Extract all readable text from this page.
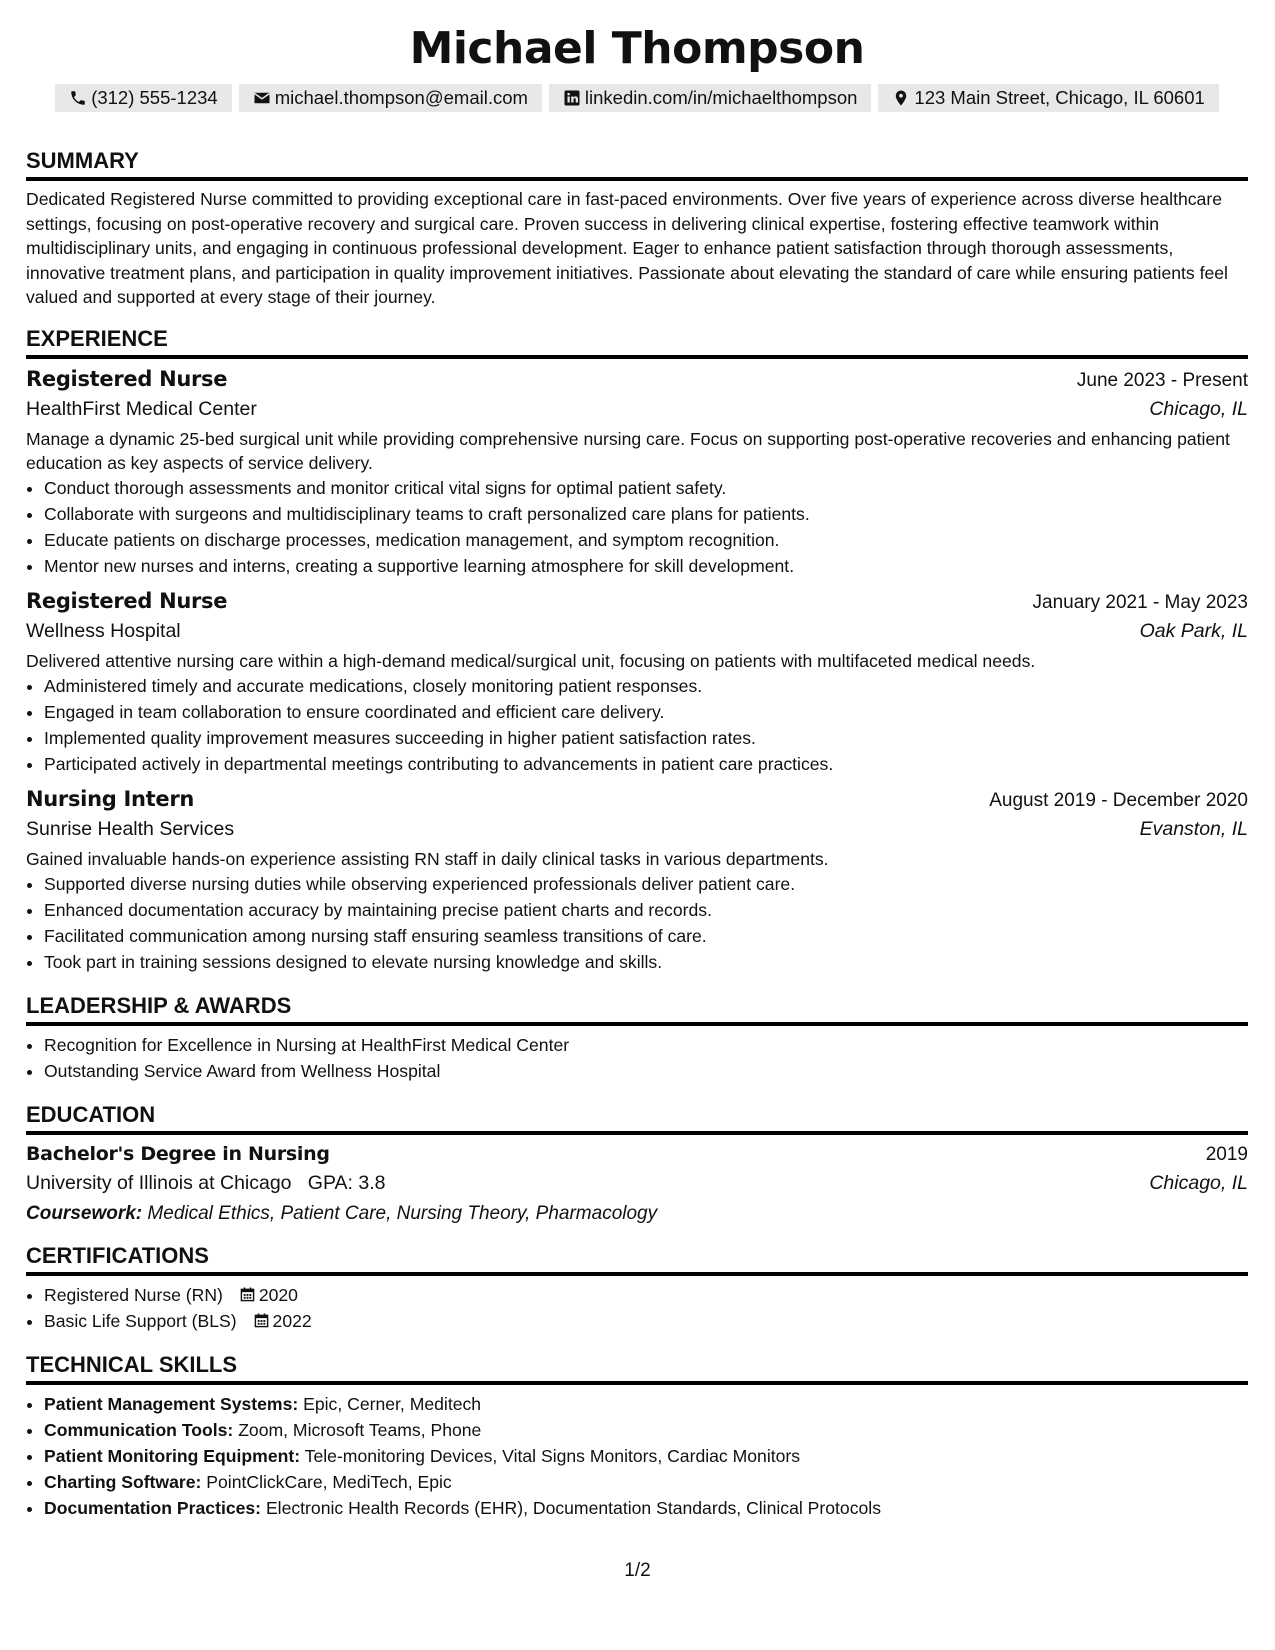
Michael Thompson
(312) 555-1234	michael.thompson@email.com	linkedin.com/in/michaelthompson	123 Main Street, Chicago, IL 60601
SUMMARY

Dedicated Registered Nurse committed to providing exceptional care in fast-paced environments. Over five years of experience across diverse healthcare settings, focusing on post-operative recovery and surgical care. Proven success in delivering clinical expertise, fostering effective teamwork within multidisciplinary units, and engaging in continuous professional development. Eager to enhance patient satisfaction through thorough assessments, innovative treatment plans, and participation in quality improvement initiatives. Passionate about elevating the standard of care while ensuring patients feel valued and supported at every stage of their journey.

EXPERIENCE
Registered Nurse	June 2023 - Present
HealthFirst Medical Center	Chicago, IL

Manage a dynamic 25-bed surgical unit while providing comprehensive nursing care. Focus on supporting post-operative recoveries and enhancing patient education as key aspects of service delivery.

• Conduct thorough assessments and monitor critical vital signs for optimal patient safety.
• Collaborate with surgeons and multidisciplinary teams to craft personalized care plans for patients.
• Educate patients on discharge processes, medication management, and symptom recognition.
• Mentor new nurses and interns, creating a supportive learning atmosphere for skill development.
Registered Nurse	January 2021 - May 2023
Wellness Hospital	Oak Park, IL

Delivered attentive nursing care within a high-demand medical/surgical unit, focusing on patients with multifaceted medical needs.

• Administered timely and accurate medications, closely monitoring patient responses.
• Engaged in team collaboration to ensure coordinated and efficient care delivery.
• Implemented quality improvement measures succeeding in higher patient satisfaction rates.
• Participated actively in departmental meetings contributing to advancements in patient care practices.
Nursing Intern	August 2019 - December 2020
Sunrise Health Services	Evanston, IL

Gained invaluable hands-on experience assisting RN staff in daily clinical tasks in various departments.

• Supported diverse nursing duties while observing experienced professionals deliver patient care.
• Enhanced documentation accuracy by maintaining precise patient charts and records.
• Facilitated communication among nursing staff ensuring seamless transitions of care.
• Took part in training sessions designed to elevate nursing knowledge and skills.
LEADERSHIP & AWARDS
• Recognition for Excellence in Nursing at HealthFirst Medical Center
• Outstanding Service Award from Wellness Hospital
EDUCATION
Bachelor's Degree in Nursing	2019
University of Illinois at Chicago GPA: 3.8	Chicago, IL
Coursework: Medical Ethics, Patient Care, Nursing Theory, Pharmacology
CERTIFICATIONS
• Registered Nurse (RN) 2020
• Basic Life Support (BLS) 2022
TECHNICAL SKILLS
• Patient Management Systems: Epic, Cerner, Meditech
• Communication Tools: Zoom, Microsoft Teams, Phone
• Patient Monitoring Equipment: Tele-monitoring Devices, Vital Signs Monitors, Cardiac Monitors
• Charting Software: PointClickCare, MediTech, Epic
• Documentation Practices: Electronic Health Records (EHR), Documentation Standards, Clinical Protocols
1/2
